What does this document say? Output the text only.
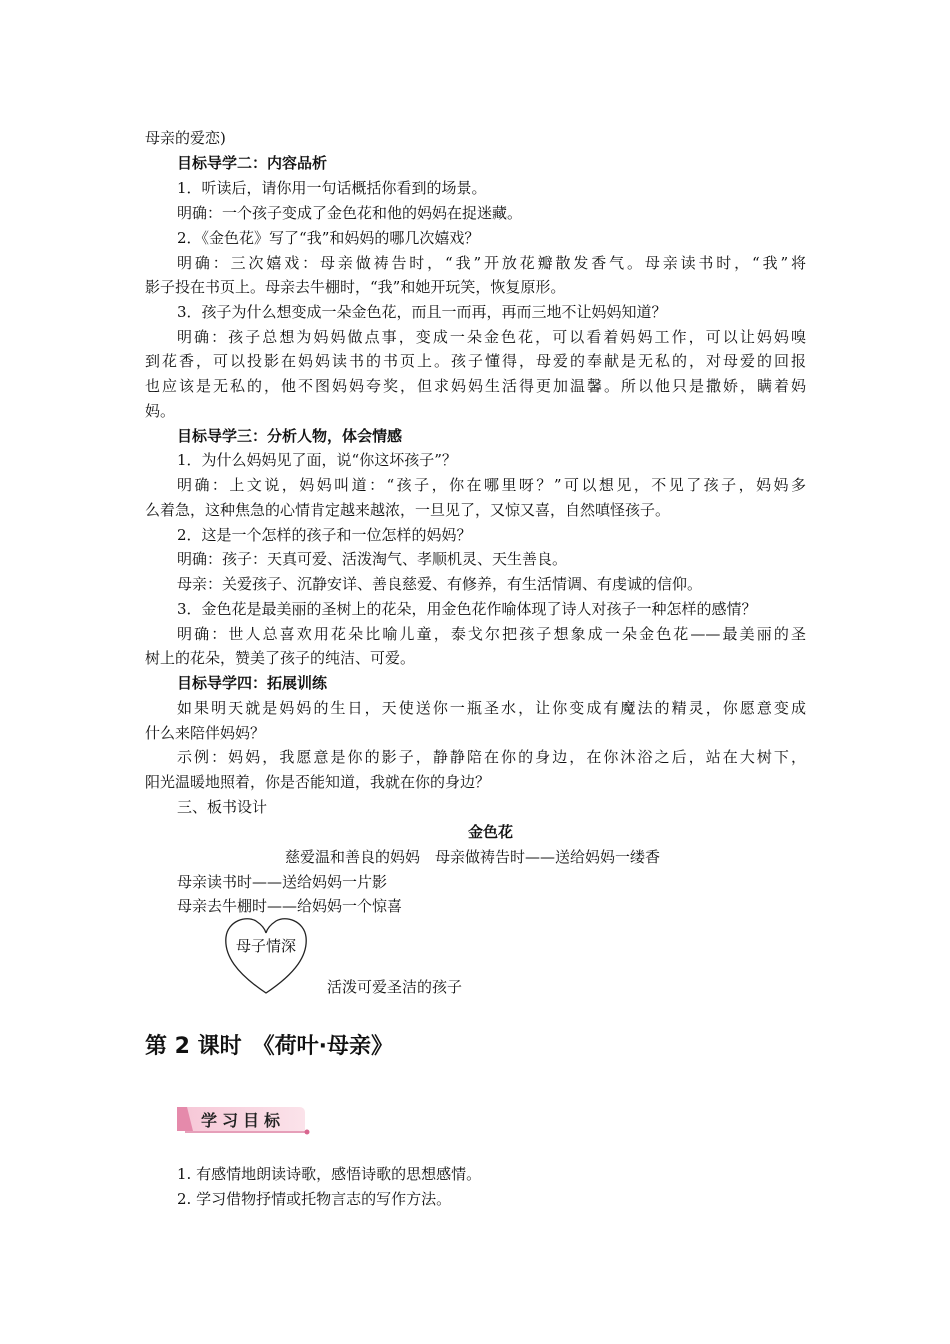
母亲的爱恋)
目标导学二：内容品析
1．听读后，请你用一句话概括你看到的场景。
明确：一个孩子变成了金色花和他的妈妈在捉迷藏。
2．《金色花》写了“我”和妈妈的哪几次嬉戏？
明确：三次嬉戏：母亲做祷告时，“我”开放花瓣散发香气。母亲读书时，“我”将
影子投在书页上。母亲去牛棚时，“我”和她开玩笑，恢复原形。
3．孩子为什么想变成一朵金色花，而且一而再，再而三地不让妈妈知道？
明确：孩子总想为妈妈做点事，变成一朵金色花，可以看着妈妈工作，可以让妈妈嗅
到花香，可以投影在妈妈读书的书页上。孩子懂得，母爱的奉献是无私的，对母爱的回报
也应该是无私的，他不图妈妈夸奖，但求妈妈生活得更加温馨。所以他只是撒娇，瞒着妈
妈。
目标导学三：分析人物，体会情感
1．为什么妈妈见了面，说“你这坏孩子”？
明确：上文说，妈妈叫道：“孩子，你在哪里呀？”可以想见，不见了孩子，妈妈多
么着急，这种焦急的心情肯定越来越浓，一旦见了，又惊又喜，自然嗔怪孩子。
2．这是一个怎样的孩子和一位怎样的妈妈？
明确：孩子：天真可爱、活泼淘气、孝顺机灵、天生善良。
母亲：关爱孩子、沉静安详、善良慈爱、有修养，有生活情调、有虔诚的信仰。
3．金色花是最美丽的圣树上的花朵，用金色花作喻体现了诗人对孩子一种怎样的感情？
明确：世人总喜欢用花朵比喻儿童，泰戈尔把孩子想象成一朵金色花——最美丽的圣
树上的花朵，赞美了孩子的纯洁、可爱。
目标导学四：拓展训练
如果明天就是妈妈的生日，天使送你一瓶圣水，让你变成有魔法的精灵，你愿意变成
什么来陪伴妈妈？
示例：妈妈，我愿意是你的影子，静静陪在你的身边，在你沐浴之后，站在大树下，
阳光温暖地照着，你是否能知道，我就在你的身边？
三、板书设计
金色花
慈爱温和善良的妈妈　母亲做祷告时——送给妈妈一缕香
母亲读书时——送给妈妈一片影
母亲去牛棚时——给妈妈一个惊喜
母子情深
活泼可爱圣洁的孩子
第 2 课时　《荷叶·母亲》
学习目标
1. 有感情地朗读诗歌，感悟诗歌的思想感情。
2. 学习借物抒情或托物言志的写作方法。
